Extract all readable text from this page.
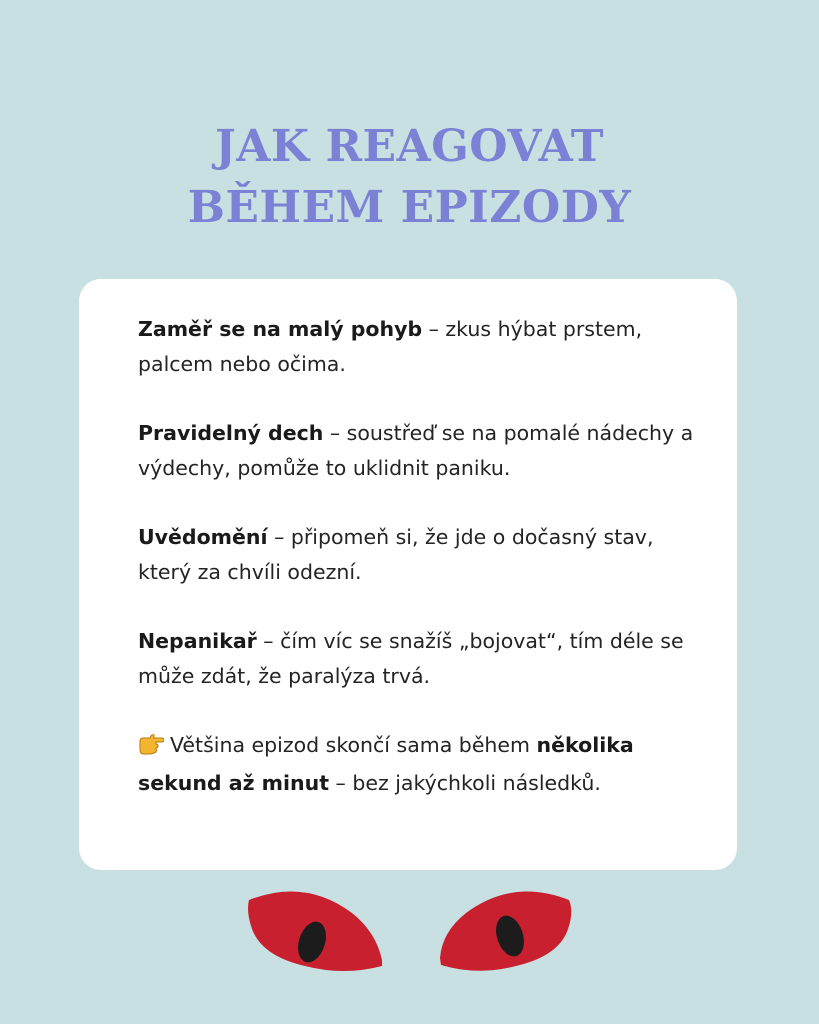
JAK REAGOVAT
BĚHEM EPIZODY

Zaměř se na malý pohyb – zkus hýbat prstem, palcem nebo očima.

Pravidelný dech – soustřeď se na pomalé nádechy a výdechy, pomůže to uklidnit paniku.

Uvědomění – připomeň si, že jde o dočasný stav, který za chvíli odezní.

Nepanikař – čím víc se snažíš „bojovat“, tím déle se může zdát, že paralýza trvá.

Většina epizod skončí sama během několika sekund až minut – bez jakýchkoli následků.
